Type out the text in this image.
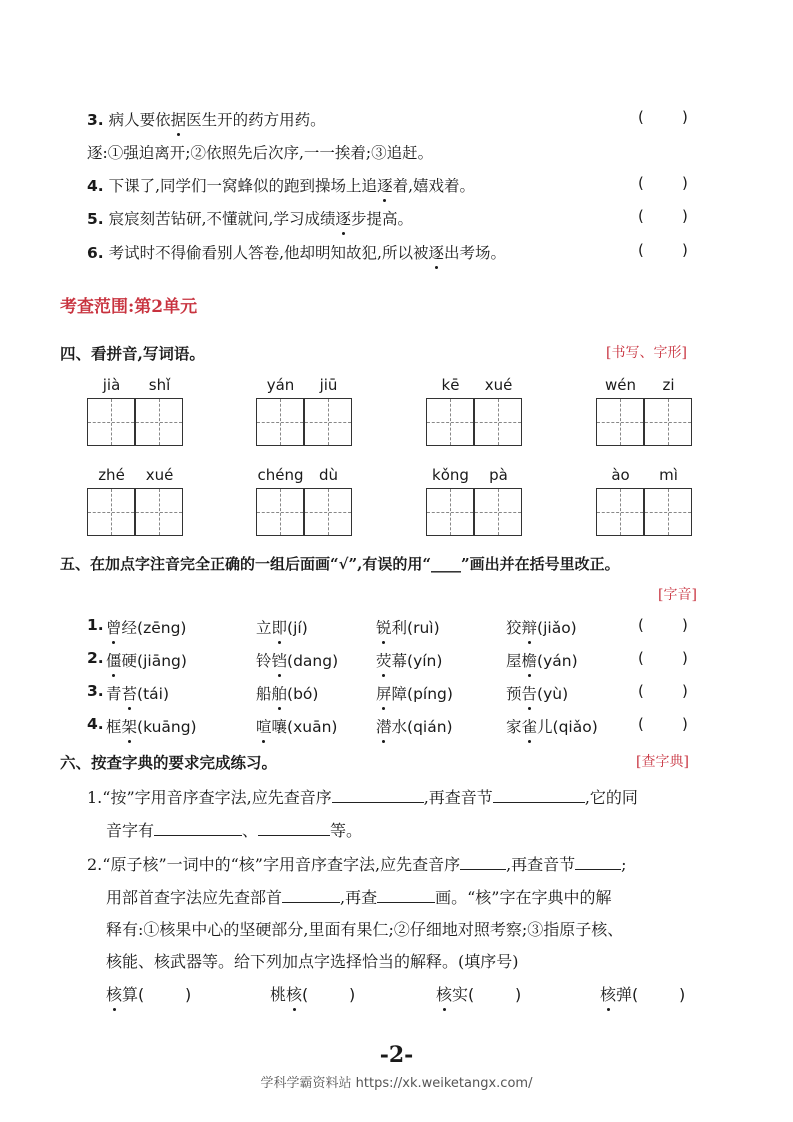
3. 病人要依据医生开的药方用药。	(        )
逐:①强迫离开;②依照先后次序,一一挨着;③追赶。
4. 下课了,同学们一窝蜂似的跑到操场上追逐着,嬉戏着。	(        )
5. 宸宸刻苦钻研,不懂就问,学习成绩逐步提高。	(        )
6. 考试时不得偷看别人答卷,他却明知故犯,所以被逐出考场。	(        )
考查范围:第2单元
四、看拼音,写词语。	[书写、字形]
jià	shǐ	yán	jiū	kē	xué	wén	zi
zhé	xué	chéng	dù	kǒng	pà	ào	mì
五、在加点字注音完全正确的一组后面画“√”,有误的用“____”画出并在括号里改正。
[字音]
1. 曾经(zēng)	立即(jí)	锐利(ruì)	狡辩(jiǎo)	(        )
2. 僵硬(jiāng)	铃铛(dang) 荧幕(yín)	屋檐(yán)	(        )
3. 青苔(tái)	船舶(bó)	屏障(píng)	预告(yù)	(        )
4. 框架(kuāng)	喧嚷(xuān) 潜水(qián)	家雀儿(qiǎo)	(        )
六、按查字典的要求完成练习。	[查字典]
1.“按”字用音序查字法,应先查音序	,再查音节	,它的同
音字有	、	等。
2.“原子核”一词中的“核”字用音序查字法,应先查音序	,再查音节	;
用部首查字法应先查部首	,再查	画。“核”字在字典中的解
释有:①核果中心的坚硬部分,里面有果仁;②仔细地对照考察;③指原子核、
核能、核武器等。给下列加点字选择恰当的解释。(填序号)
核算(        )	桃核(        )	核实(        )	核弹(        )
-2-
学科学霸资料站 https://xk.weiketangx.com/
